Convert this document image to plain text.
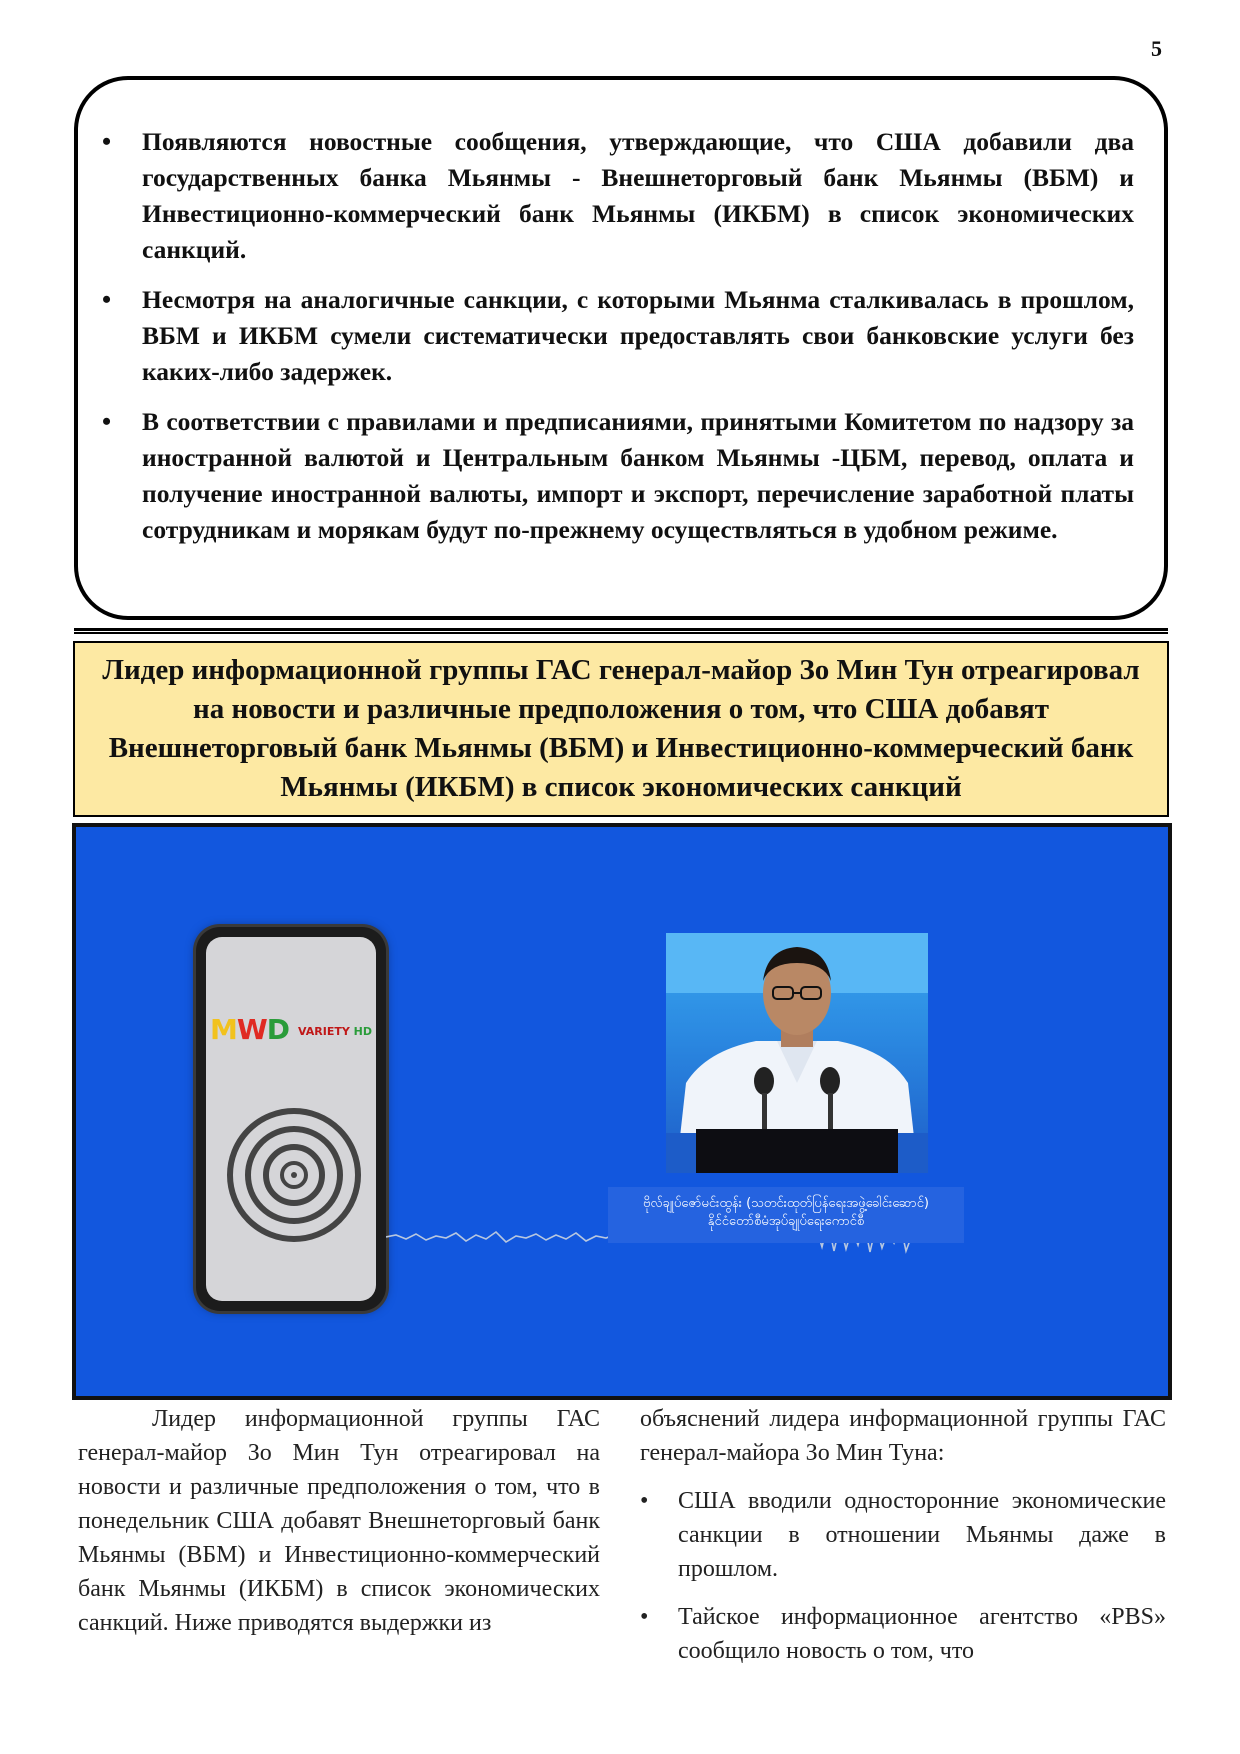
5
• Появляются новостные сообщения, утверждающие, что США добавили два государственных банка Мьянмы - Внешнеторговый банк Мьянмы (ВБМ) и Инвестиционно-коммерческий банк Мьянмы (ИКБМ) в список экономических санкций.
• Несмотря на аналогичные санкции, с которыми Мьянма сталкивалась в прошлом, ВБМ и ИКБМ сумели систематически предоставлять свои банковские услуги без каких-либо задержек.
• В соответствии с правилами и предписаниями, принятыми Комитетом по надзору за иностранной валютой и Центральным банком Мьянмы -ЦБМ, перевод, оплата и получение иностранной валюты, импорт и экспорт, перечисление заработной платы сотрудникам и морякам будут по-прежнему осуществляться в удобном режиме.
Лидер информационной группы ГАС генерал-майор Зо Мин Тун отреагировал на новости и различные предположения о том, что США добавят Внешнеторговый банк Мьянмы (ВБМ) и Инвестиционно-коммерческий банк Мьянмы (ИКБМ) в список экономических санкций
MWD VARIETY HD
ဗိုလ်ချုပ်ဇော်မင်းထွန်း (သတင်းထုတ်ပြန်ရေးအဖွဲ့ခေါင်းဆောင်)
နိုင်ငံတော်စီမံအုပ်ချုပ်ရေးကောင်စီ

Лидер информационной группы ГАС генерал-майор Зо Мин Тун отреагировал на новости и различные предположения о том, что в понедельник США добавят Внешнеторговый банк Мьянмы (ВБМ) и Инвестиционно-коммерческий банк Мьянмы (ИКБМ) в список экономических санкций. Ниже приводятся выдержки из

объяснений лидера информационной группы ГАС генерал-майора Зо Мин Туна:

• США вводили односторонние экономические санкции в отношении Мьянмы даже в прошлом.
• Тайское информационное агентство «PBS» сообщило новость о том, что
